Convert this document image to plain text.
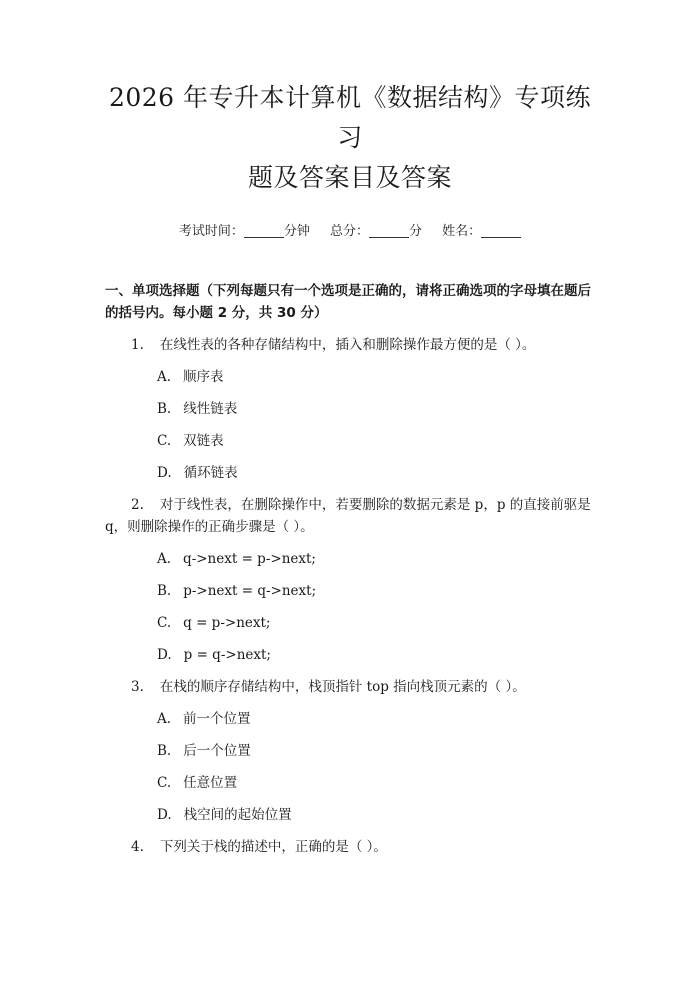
2026 年专升本计算机《数据结构》专项练习
题及答案目及答案
考试时间：	分钟 总分：	分 姓名：
一、单项选择题（下列每题只有一个选项是正确的，请将正确选项的字母填在题后的括号内。每小题 2 分，共 30 分）
1. 在线性表的各种存储结构中，插入和删除操作最方便的是（ ）。
A. 顺序表
B. 线性链表
C. 双链表
D. 循环链表
2. 对于线性表，在删除操作中，若要删除的数据元素是 p，p 的直接前驱是 q，则删除操作的正确步骤是（ ）。
A. q->next = p->next;
B. p->next = q->next;
C. q = p->next;
D. p = q->next;
3. 在栈的顺序存储结构中，栈顶指针 top 指向栈顶元素的（ ）。
A. 前一个位置
B. 后一个位置
C. 任意位置
D. 栈空间的起始位置
4. 下列关于栈的描述中，正确的是（ ）。
